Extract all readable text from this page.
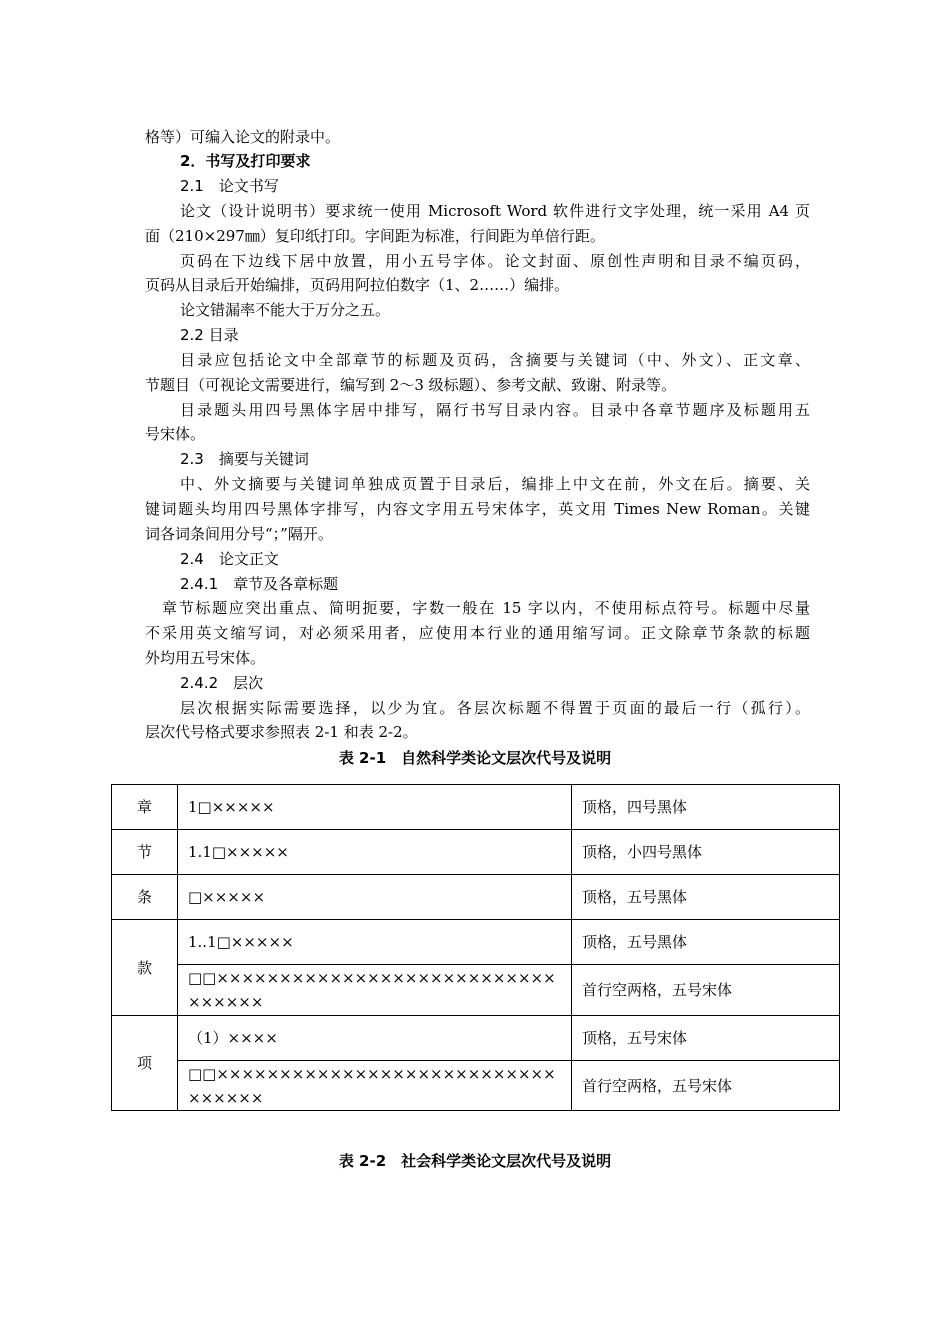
格等）可编入论文的附录中。
2．书写及打印要求
2.1　论文书写
论文（设计说明书）要求统一使用 Microsoft Word 软件进行文字处理，统一采用 A4 页
面（210×297㎜）复印纸打印。字间距为标准，行间距为单倍行距。
页码在下边线下居中放置，用小五号字体。论文封面、原创性声明和目录不编页码，
页码从目录后开始编排，页码用阿拉伯数字（1、2……）编排。
论文错漏率不能大于万分之五。
2.2 目录
目录应包括论文中全部章节的标题及页码，含摘要与关键词（中、外文）、正文章、
节题目（可视论文需要进行，编写到 2～3 级标题）、参考文献、致谢、附录等。
目录题头用四号黑体字居中排写，隔行书写目录内容。目录中各章节题序及标题用五
号宋体。
2.3　摘要与关键词
中、外文摘要与关键词单独成页置于目录后，编排上中文在前，外文在后。摘要、关
键词题头均用四号黑体字排写，内容文字用五号宋体字，英文用 Times New Roman。关键
词各词条间用分号“；”隔开。
2.4　论文正文
2.4.1　章节及各章标题
章节标题应突出重点、简明扼要，字数一般在 15 字以内，不使用标点符号。标题中尽量
不采用英文缩写词，对必须采用者，应使用本行业的通用缩写词。正文除章节条款的标题
外均用五号宋体。
2.4.2　层次
层次根据实际需要选择，以少为宜。各层次标题不得置于页面的最后一行（孤行）。
层次代号格式要求参照表 2-1 和表 2-2。
表 2-1　自然科学类论文层次代号及说明
章	1□×××××	顶格，四号黑体
节	1.1□×××××	顶格，小四号黑体
条	□×××××	顶格，五号黑体
款	1..1□×××××	顶格，五号黑体
	□□×××××××××××××××××××××××××××××××××	首行空两格，五号宋体
项	（1）××××	顶格，五号宋体
	□□×××××××××××××××××××××××××××××××××	首行空两格，五号宋体
表 2-2　社会科学类论文层次代号及说明
